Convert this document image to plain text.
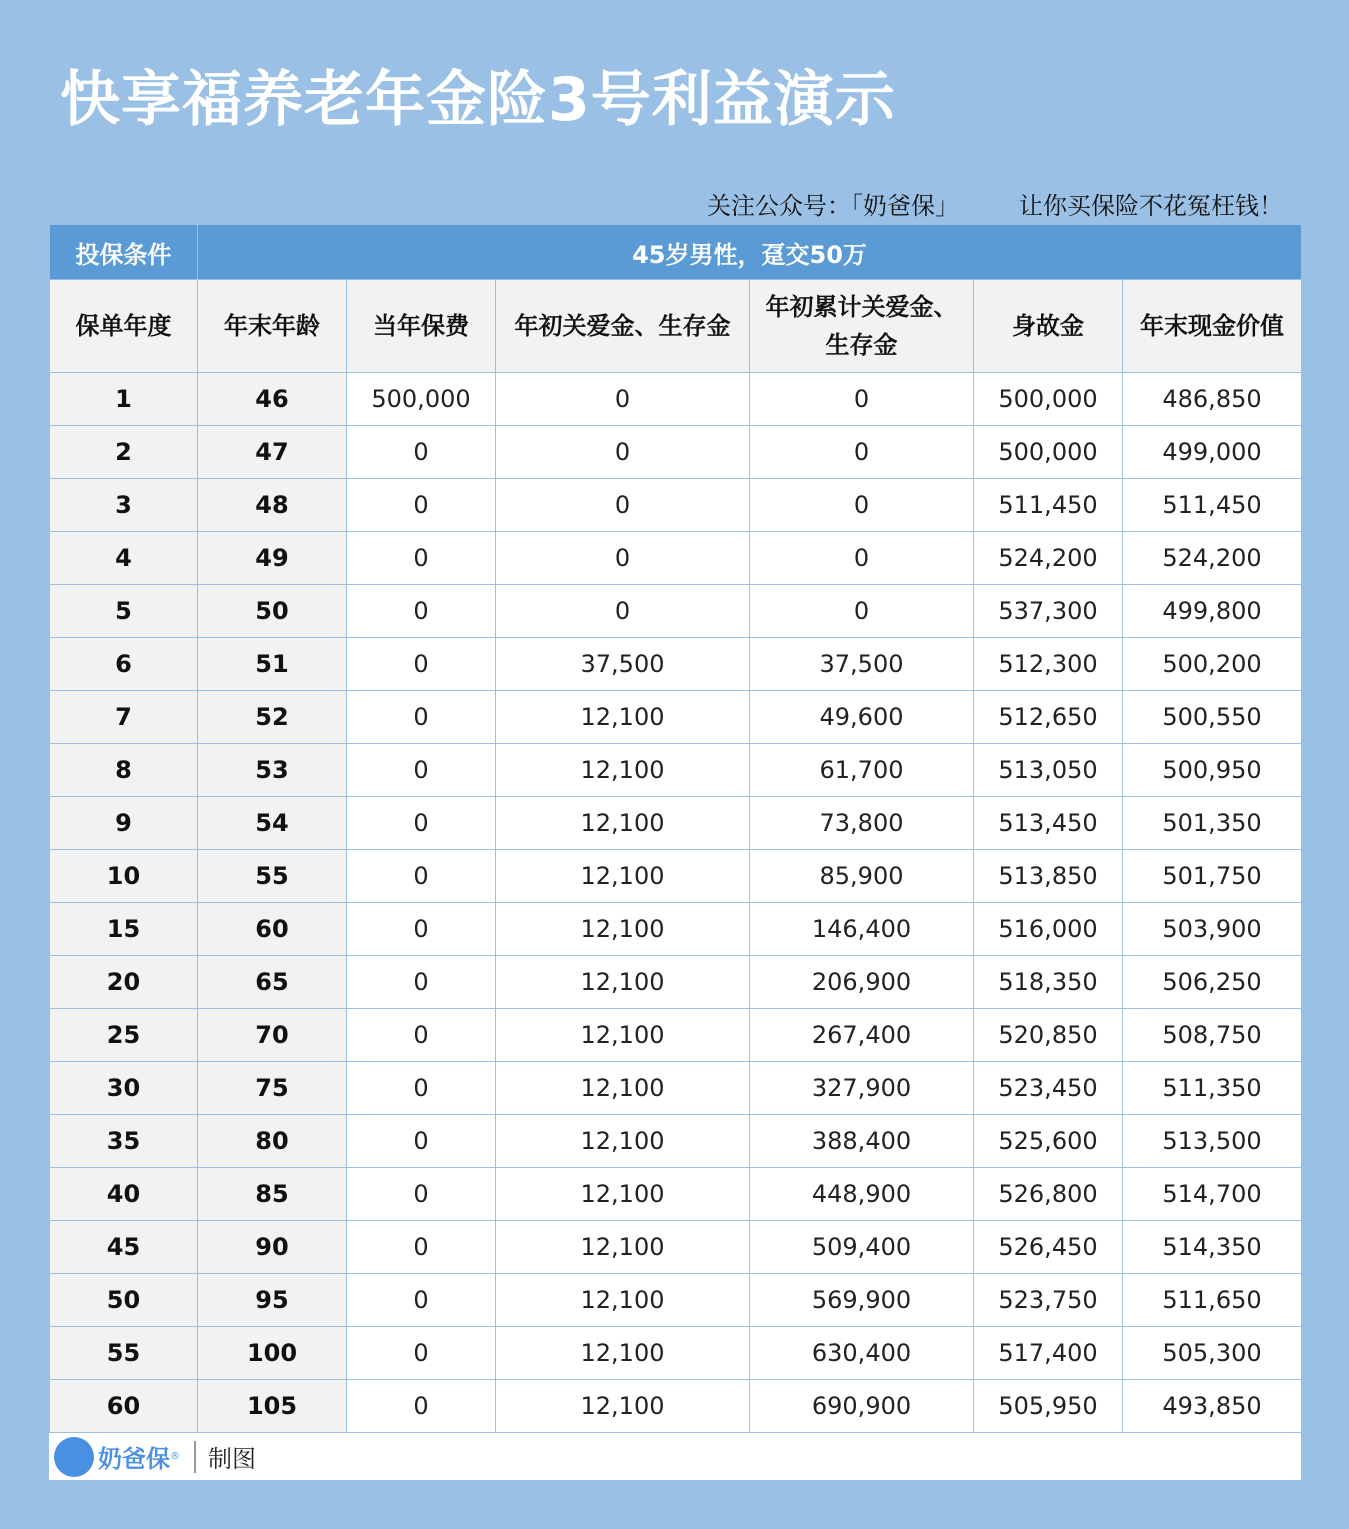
快享福养老年金险3号利益演示
关注公众号：「奶爸保」	让你买保险不花冤枉钱！
投保条件	45岁男性，趸交50万					
保单年度	年末年龄	当年保费	年初关爱金、生存金	年初累计关爱金、生存金	身故金	年末现金价值
1	46	500,000	0	0	500,000	486,850
2	47	0	0	0	500,000	499,000
3	48	0	0	0	511,450	511,450
4	49	0	0	0	524,200	524,200
5	50	0	0	0	537,300	499,800
6	51	0	37,500	37,500	512,300	500,200
7	52	0	12,100	49,600	512,650	500,550
8	53	0	12,100	61,700	513,050	500,950
9	54	0	12,100	73,800	513,450	501,350
10	55	0	12,100	85,900	513,850	501,750
15	60	0	12,100	146,400	516,000	503,900
20	65	0	12,100	206,900	518,350	506,250
25	70	0	12,100	267,400	520,850	508,750
30	75	0	12,100	327,900	523,450	511,350
35	80	0	12,100	388,400	525,600	513,500
40	85	0	12,100	448,900	526,800	514,700
45	90	0	12,100	509,400	526,450	514,350
50	95	0	12,100	569,900	523,750	511,650
55	100	0	12,100	630,400	517,400	505,300
60	105	0	12,100	690,900	505,950	493,850
奶爸保 ® 制图
